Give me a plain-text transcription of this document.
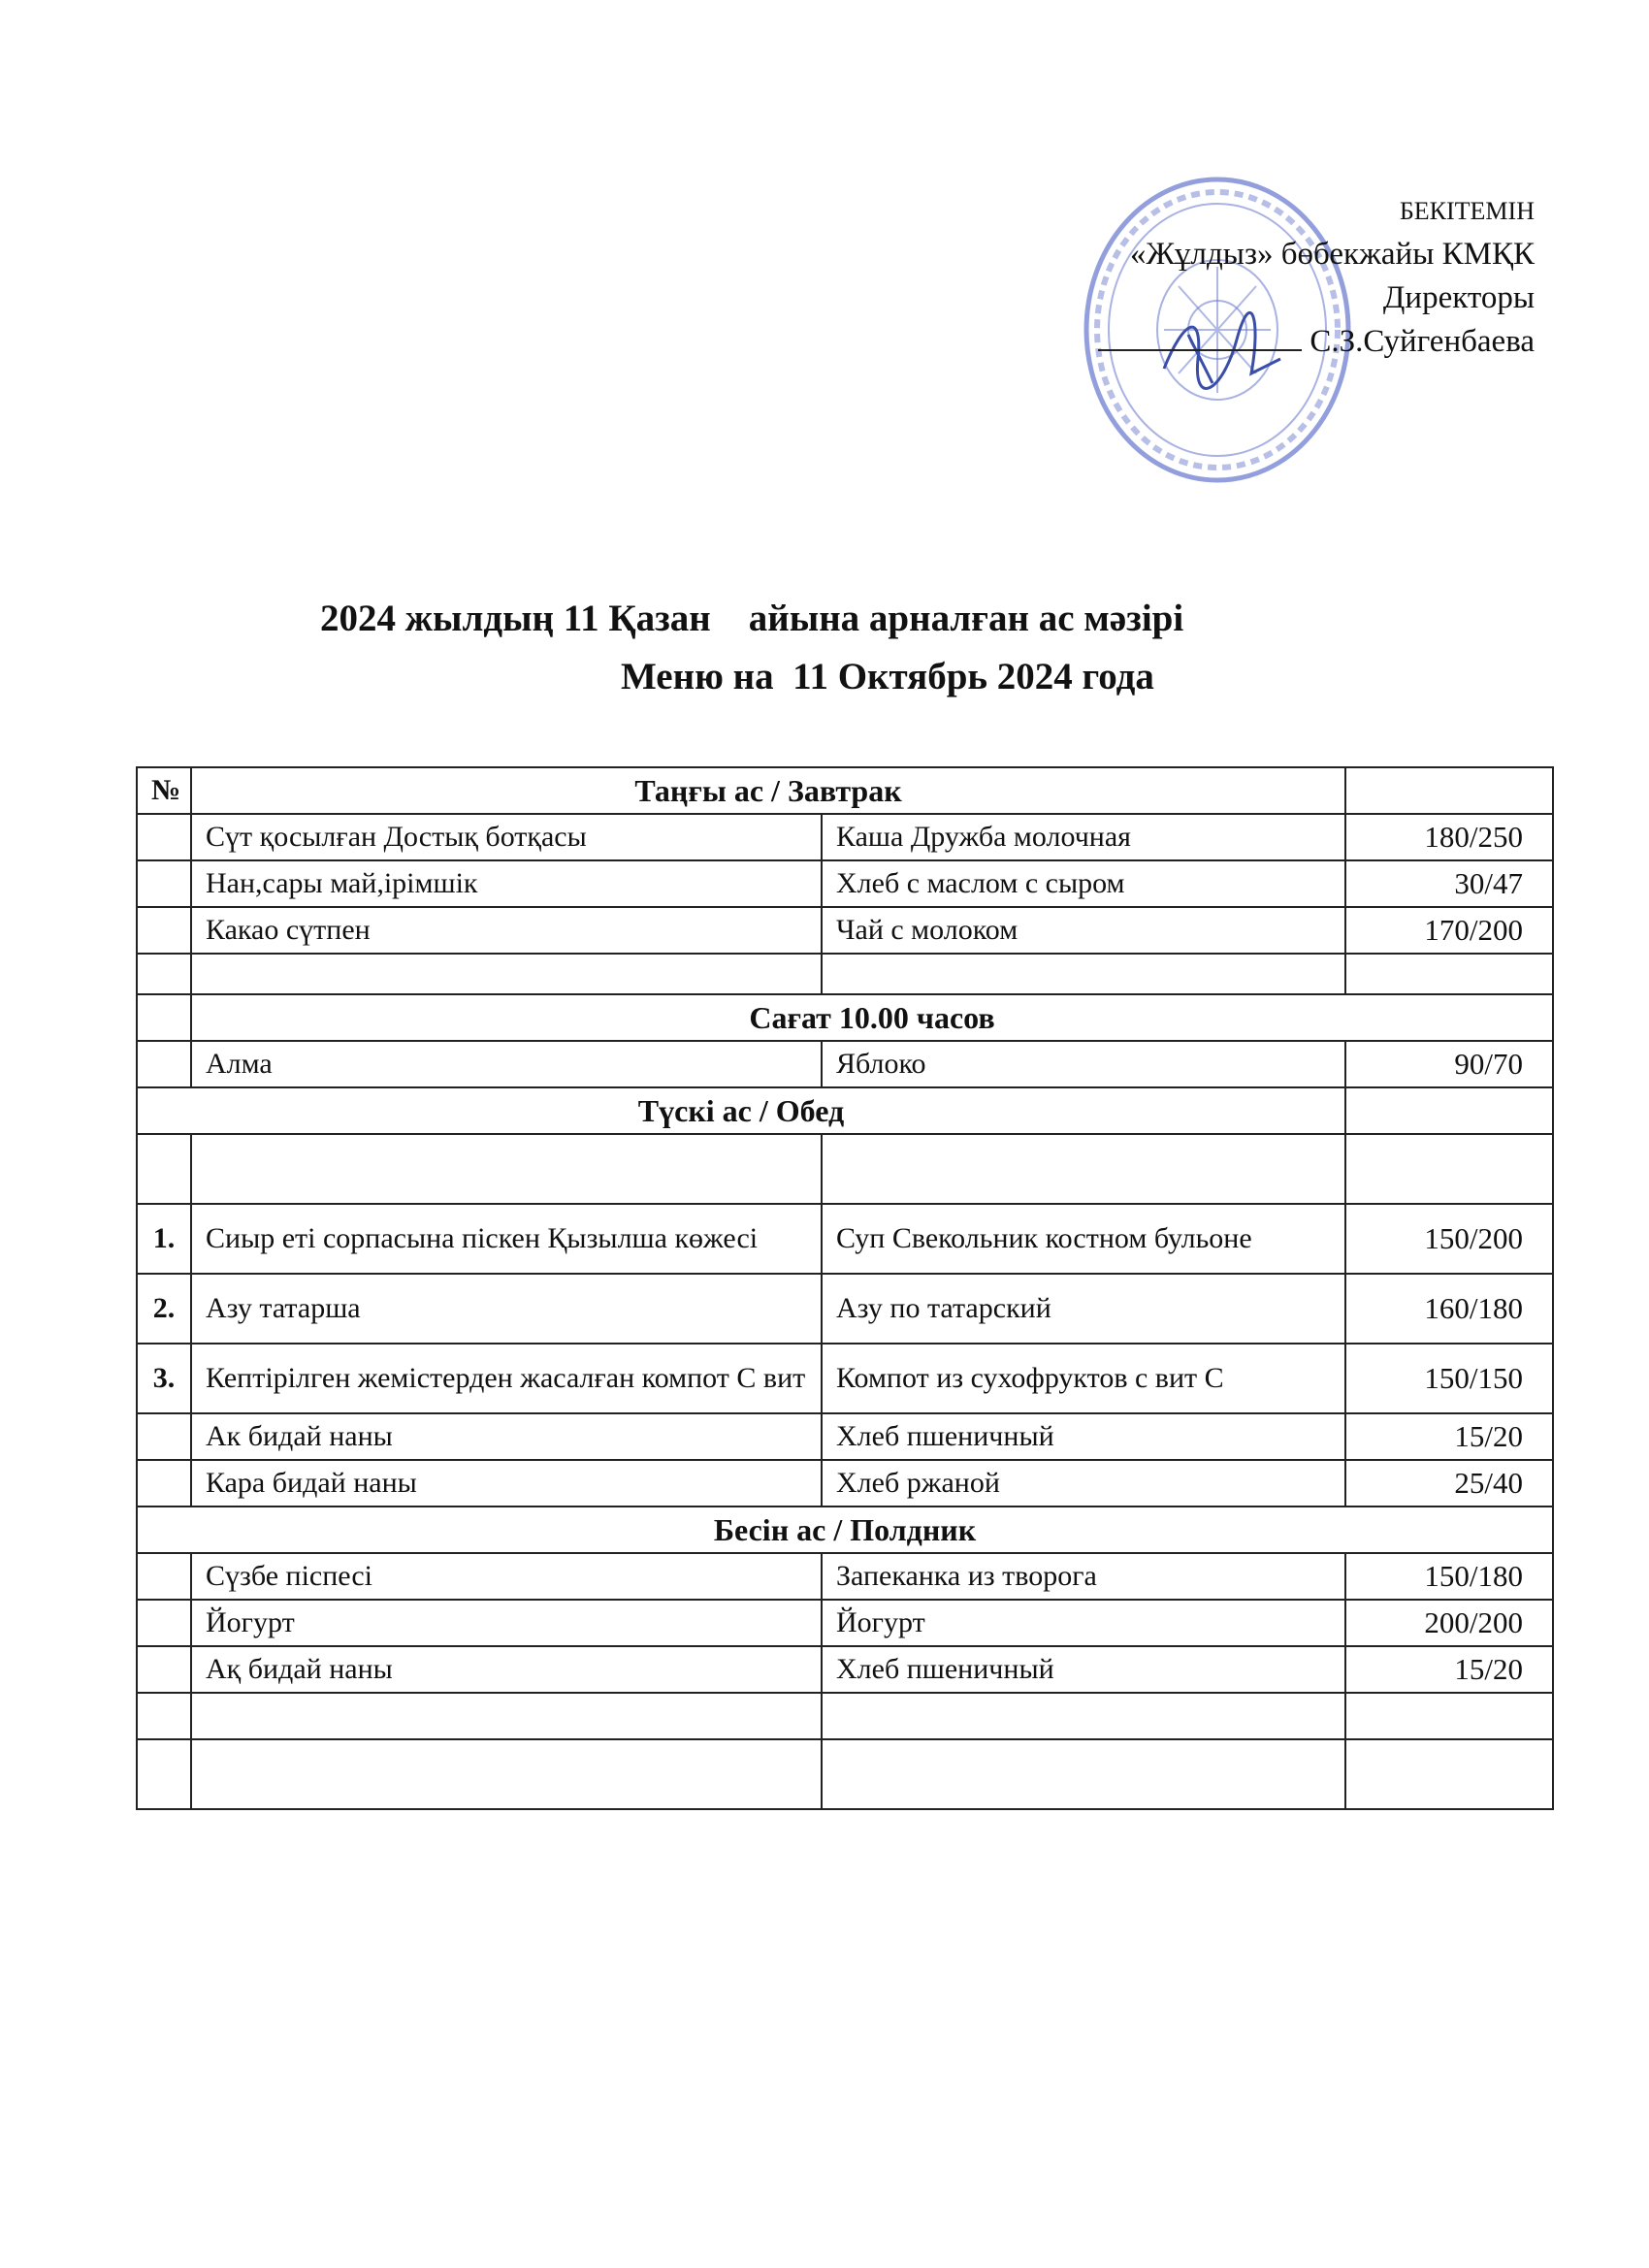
БЕКІТЕМІН
«Жұлдыз» бөбекжайы КМҚК
Директоры
С.З.Суйгенбаева
2024 жылдың 11 Қазан    айына арналған ас мәзірі
Меню на  11 Октябрь 2024 года
№	Таңғы ас / Завтрак		
	Сүт қосылған Достық ботқасы	Каша Дружба молочная	180/250
	Нан,сары май,ірімшік	Хлеб с маслом с сыром	30/47
	Какао сүтпен	Чай с молоком	170/200

	Сағат 10.00 часов		
	Алма	Яблоко	90/70
Түскі ас / Обед			

1.	Сиыр еті сорпасына піскен Қызылша көжесі	Суп Свекольник костном бульоне	150/200
2.	Азу татарша	Азу по татарский	160/180
3.	Кептірілген жемістерден жасалған компот С вит	Компот из сухофруктов с вит С	150/150
	Ак бидай наны	Хлеб пшеничный	15/20
	Кара бидай наны	Хлеб ржаной	25/40
Бесін ас / Полдник			
	Сүзбе піспесі	Запеканка из творога	150/180
	Йогурт	Йогурт	200/200
	Ақ бидай наны	Хлеб пшеничный	15/20
